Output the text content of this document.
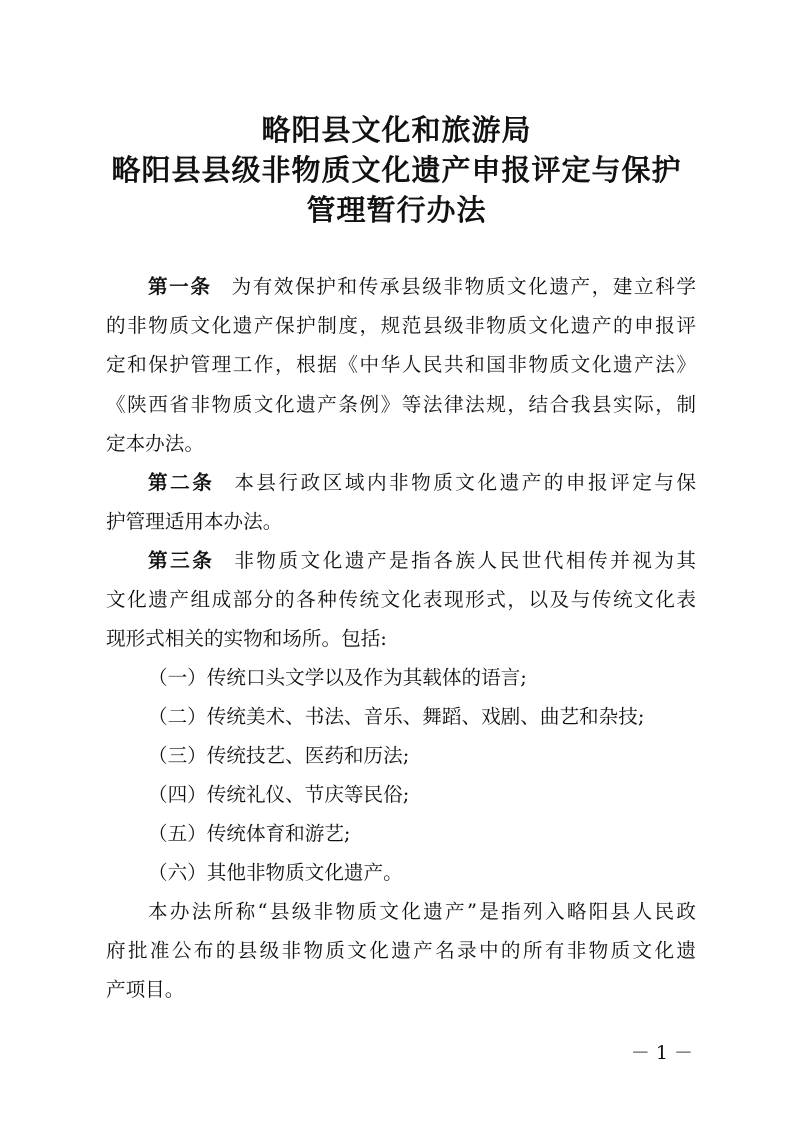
略阳县文化和旅游局
略阳县县级非物质文化遗产申报评定与保护
管理暂行办法
第一条 为有效保护和传承县级非物质文化遗产，建立科学
的非物质文化遗产保护制度，规范县级非物质文化遗产的申报评
定和保护管理工作，根据《中华人民共和国非物质文化遗产法》
《陕西省非物质文化遗产条例》等法律法规，结合我县实际，制
定本办法。
第二条 本县行政区域内非物质文化遗产的申报评定与保
护管理适用本办法。
第三条 非物质文化遗产是指各族人民世代相传并视为其
文化遗产组成部分的各种传统文化表现形式，以及与传统文化表
现形式相关的实物和场所。包括:
（一）传统口头文学以及作为其载体的语言;
（二）传统美术、书法、音乐、舞蹈、戏剧、曲艺和杂技;
（三）传统技艺、医药和历法;
（四）传统礼仪、节庆等民俗;
（五）传统体育和游艺;
（六）其他非物质文化遗产。
本办法所称“县级非物质文化遗产”是指列入略阳县人民政
府批准公布的县级非物质文化遗产名录中的所有非物质文化遗
产项目。
－ 1 －
